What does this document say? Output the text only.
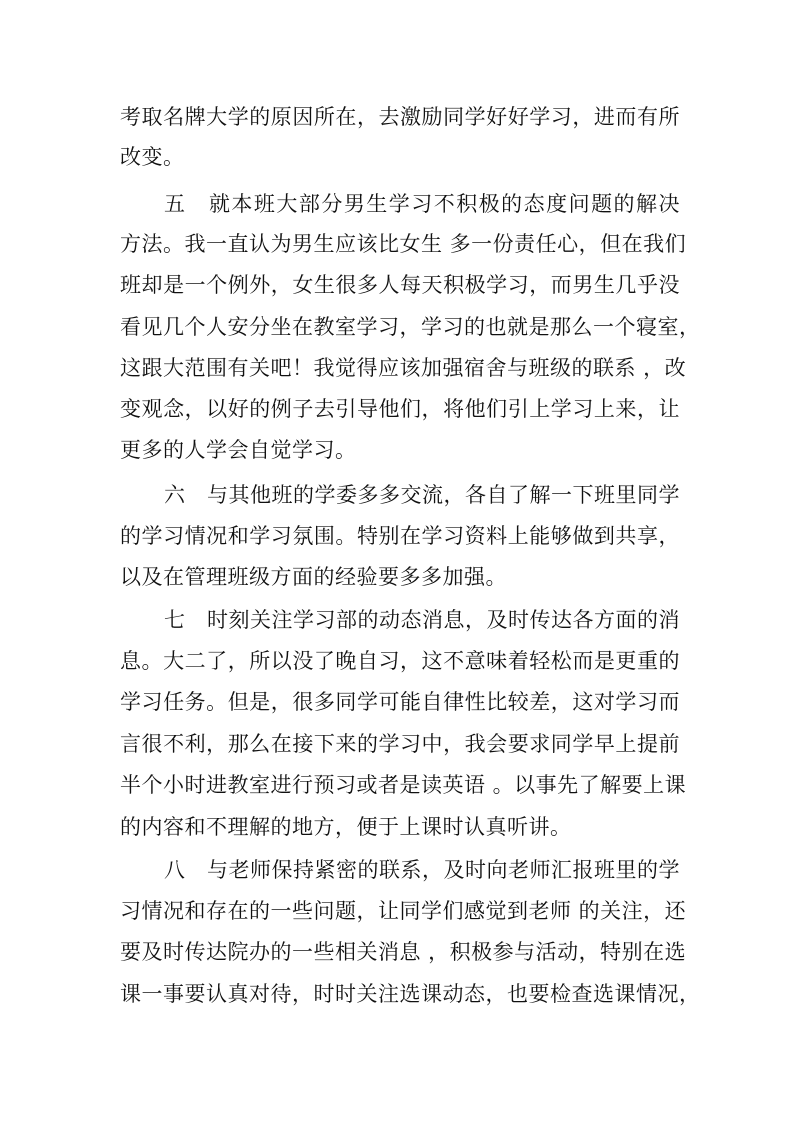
考取名牌大学的原因所在，去激励同学好好学习，进而有所
改变。
五　就本班大部分男生学习不积极的态度问题的解决
方法。我一直认为男生应该比女生 多一份责任心，但在我们
班却是一个例外，女生很多人每天积极学习，而男生几乎没
看见几个人安分坐在教室学习，学习的也就是那么一个寝室，
这跟大范围有关吧！我觉得应该加强宿舍与班级的联系 ，改
变观念，以好的例子去引导他们，将他们引上学习上来，让
更多的人学会自觉学习。
六　与其他班的学委多多交流，各自了解一下班里同学
的学习情况和学习氛围。特别在学习资料上能够做到共享，
以及在管理班级方面的经验要多多加强。
七　时刻关注学习部的动态消息，及时传达各方面的消
息。大二了，所以没了晚自习，这不意味着轻松而是更重的
学习任务。但是，很多同学可能自律性比较差，这对学习而
言很不利，那么在接下来的学习中，我会要求同学早上提前
半个小时进教室进行预习或者是读英语 。以事先了解要上课
的内容和不理解的地方，便于上课时认真听讲。
八　与老师保持紧密的联系，及时向老师汇报班里的学
习情况和存在的一些问题，让同学们感觉到老师 的关注，还
要及时传达院办的一些相关消息 ，积极参与活动，特别在选
课一事要认真对待，时时关注选课动态，也要检查选课情况，
